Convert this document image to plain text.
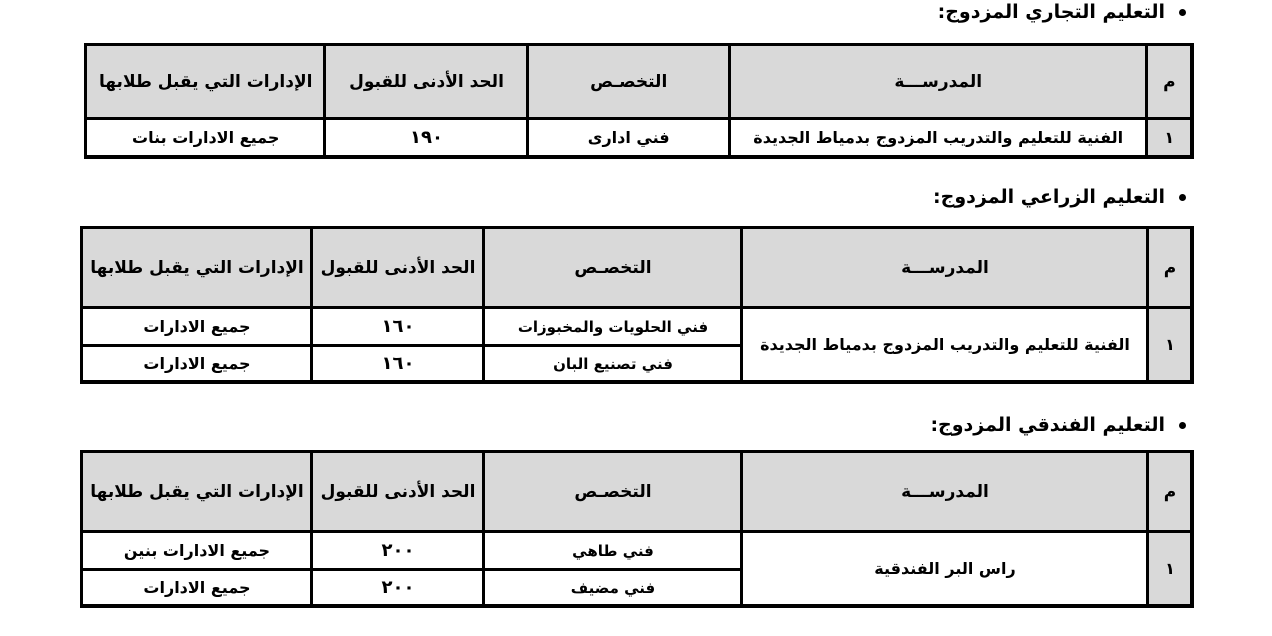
التعليم التجاري المزدوج:
م	المدرســـة	التخصـص	الحد الأدنى للقبول	الإدارات التي يقبل طلابها
١	الفنية للتعليم والتدريب المزدوج بدمياط الجديدة	فني ادارى	١٩٠	جميع الادارات بنات
التعليم الزراعي المزدوج:
م	المدرســـة	التخصـص	الحد الأدنى للقبول	الإدارات التي يقبل طلابها
١	الفنية للتعليم والتدريب المزدوج بدمياط الجديدة	فني الحلويات والمخبوزات	١٦٠	جميع الادارات
		فني تصنيع البان	١٦٠	جميع الادارات
التعليم الفندقي المزدوج:
م	المدرســـة	التخصـص	الحد الأدنى للقبول	الإدارات التي يقبل طلابها
١	راس البر الفندقية	فني طاهي	٢٠٠	جميع الادارات بنين
		فني مضيف	٢٠٠	جميع الادارات
